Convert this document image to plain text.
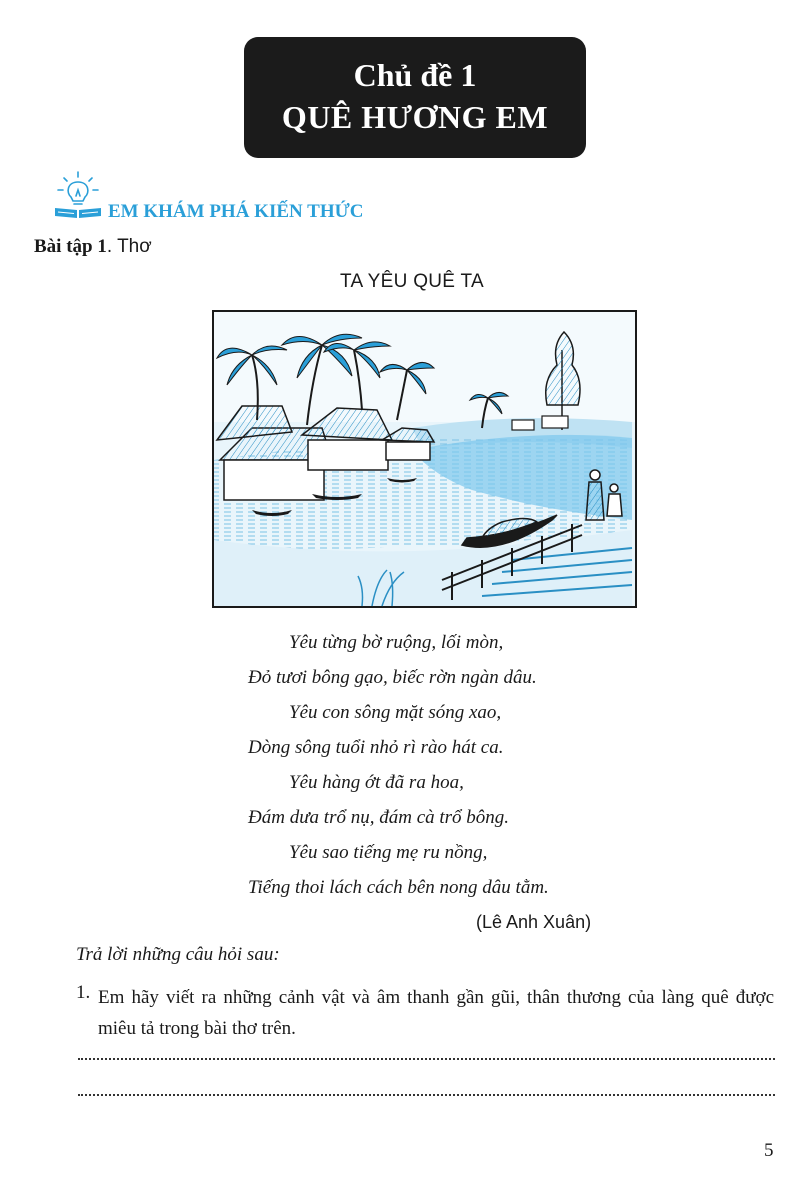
Chủ đề 1
QUÊ HƯƠNG EM
EM KHÁM PHÁ KIẾN THỨC
Bài tập 1. Thơ
TA YÊU QUÊ TA
Yêu từng bờ ruộng, lối mòn,
Đỏ tươi bông gạo, biếc rờn ngàn dâu.
Yêu con sông mặt sóng xao,
Dòng sông tuổi nhỏ rì rào hát ca.
Yêu hàng ớt đã ra hoa,
Đám dưa trổ nụ, đám cà trổ bông.
Yêu sao tiếng mẹ ru nồng,
Tiếng thoi lách cách bên nong dâu tằm.
(Lê Anh Xuân)
Trả lời những câu hỏi sau:
1. Em hãy viết ra những cảnh vật và âm thanh gần gũi, thân thương của làng quê được miêu tả trong bài thơ trên.
5
